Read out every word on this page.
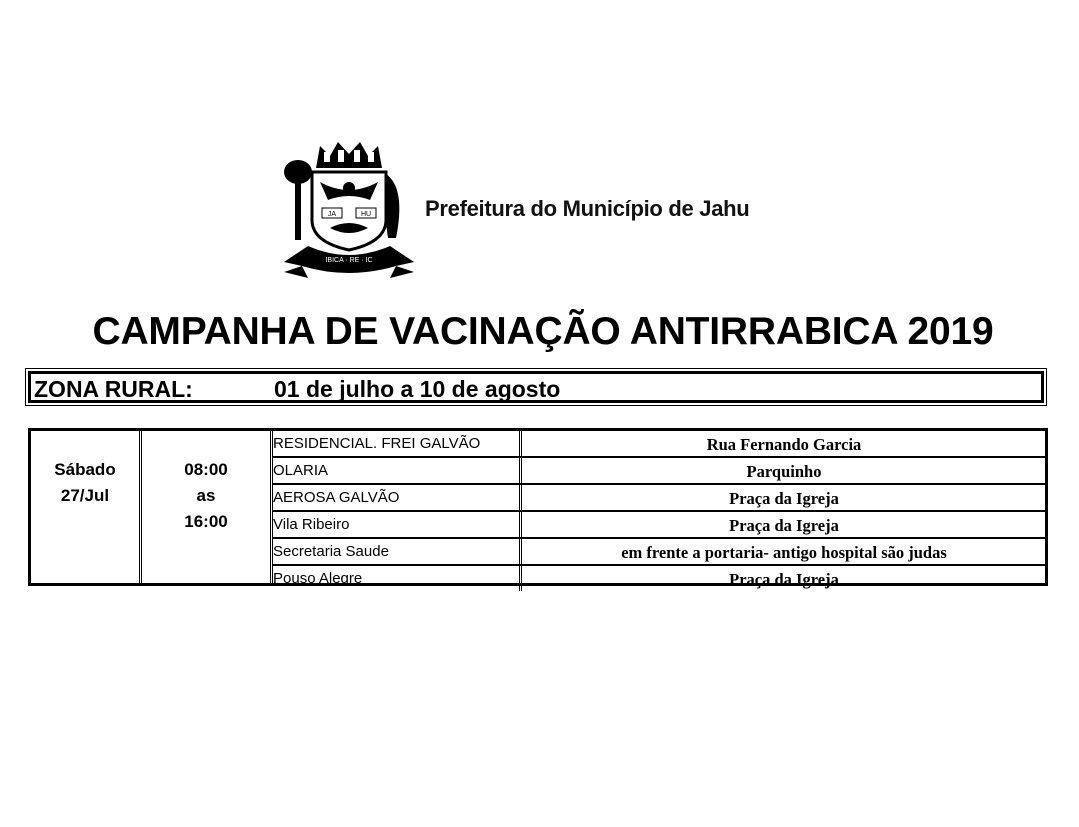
JA	HU
IBICA · RE · IC
Prefeitura do Município de Jahu
CAMPANHA DE VACINAÇÃO ANTIRRABICA 2019
ZONA RURAL:	01 de julho a 10 de agosto
Sábado
27/Jul
08:00
as
16:00
RESIDENCIAL. FREI GALVÃO	Rua Fernando Garcia
OLARIA	Parquinho
AEROSA GALVÃO	Praça da Igreja
Vila Ribeiro	Praça da Igreja
Secretaria Saude	em frente a portaria- antigo hospital são judas
Pouso Alegre	Praça da Igreja
